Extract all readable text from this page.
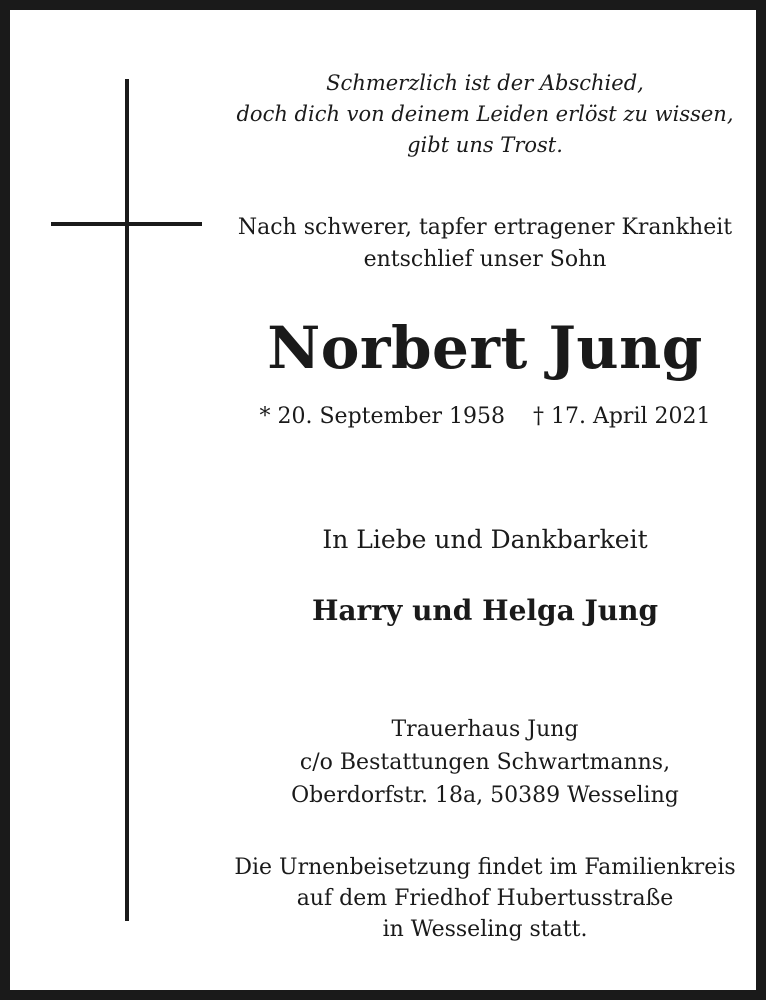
Schmerzlich ist der Abschied,
doch dich von deinem Leiden erlöst zu wissen,
gibt uns Trost.
Nach schwerer, tapfer ertragener Krankheit
entschlief unser Sohn
Norbert Jung
* 20. September 1958 † 17. April 2021
In Liebe und Dankbarkeit
Harry und Helga Jung
Trauerhaus Jung
c/o Bestattungen Schwartmanns,
Oberdorfstr. 18a, 50389 Wesseling
Die Urnenbeisetzung findet im Familienkreis
auf dem Friedhof Hubertusstraße
in Wesseling statt.
